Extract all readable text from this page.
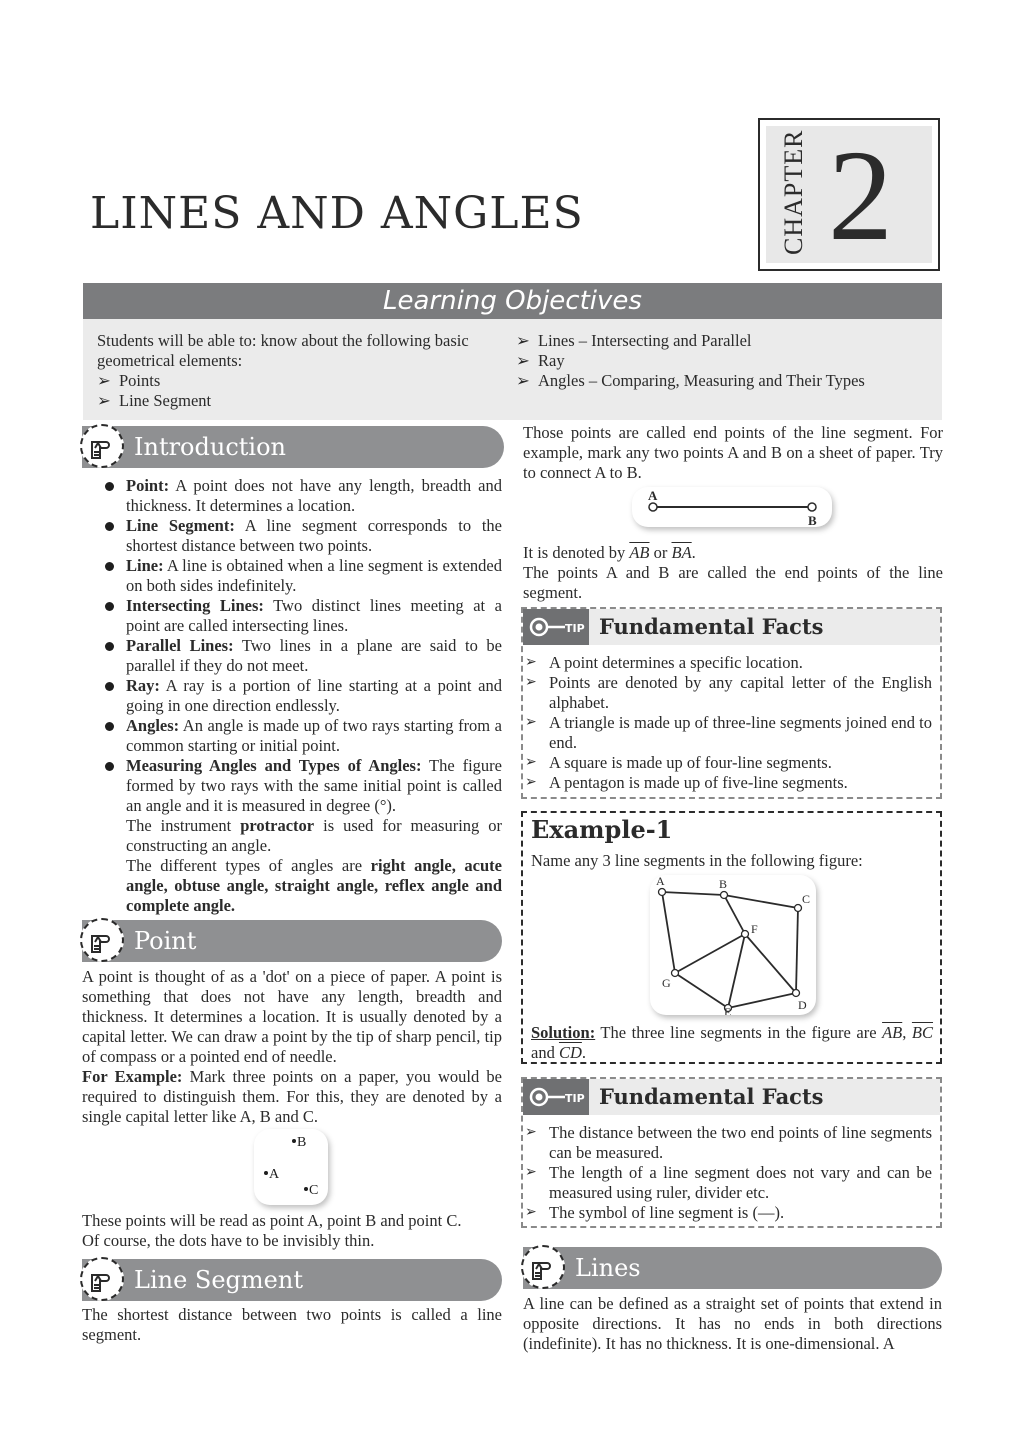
LINES AND ANGLES	CHAPTER 2
Learning Objectives
Students will be able to: know about the following basic geometrical elements:
➢ Points
➢ Line Segment
➢ Lines – Intersecting and Parallel
➢ Ray
➢ Angles – Comparing, Measuring and Their Types
Introduction
Point: A point does not have any length, breadth and thickness. It determines a location.
Line Segment: A line segment corresponds to the shortest distance between two points.
Line: A line is obtained when a line segment is extended on both sides indefinitely.
Intersecting Lines: Two distinct lines meeting at a point are called intersecting lines.
Parallel Lines: Two lines in a plane are said to be parallel if they do not meet.
Ray: A ray is a portion of line starting at a point and going in one direction endlessly.
Angles: An angle is made up of two rays starting from a common starting or initial point.
Measuring Angles and Types of Angles: The figure formed by two rays with the same initial point is called an angle and it is measured in degree (°).
The instrument protractor is used for measuring or constructing an angle.
The different types of angles are right angle, acute angle, obtuse angle, straight angle, reflex angle and complete angle.
Point
A point is thought of as a 'dot' on a piece of paper. A point is something that does not have any length, breadth and thickness. It determines a location. It is usually denoted by a capital letter. We can draw a point by the tip of sharp pencil, tip of compass or a pointed end of needle.
For Example: Mark three points on a paper, you would be required to distinguish them. For this, they are denoted by a single capital letter like A, B and C.
A
B
C
These points will be read as point A, point B and point C.
Of course, the dots have to be invisibly thin.
Line Segment
The shortest distance between two points is called a line segment.
Those points are called end points of the line segment. For example, mark any two points A and B on a sheet of paper. Try to connect A to B.
A
B
It is denoted by $\overline{AB}$ or $\overline{BA}$.
The points A and B are called the end points of the line segment.
TIP Fundamental Facts
➢ A point determines a specific location.
➢ Points are denoted by any capital letter of the English alphabet.
➢ A triangle is made up of three-line segments joined end to end.
➢ A square is made up of four-line segments.
➢ A pentagon is made up of five-line segments.
Example-1
Name any 3 line segments in the following figure:
A	B
C
D
E
F
G
Solution: The three line segments in the figure are $\overline{AB}$, $\overline{BC}$ and $\overline{CD}$.
TIP Fundamental Facts
➢ The distance between the two end points of line segments can be measured.
➢ The length of a line segment does not vary and can be measured using ruler, divider etc.
➢ The symbol of line segment is (—).
Lines
A line can be defined as a straight set of points that extend in opposite directions. It has no ends in both directions (indefinite). It has no thickness. It is one-dimensional. A
